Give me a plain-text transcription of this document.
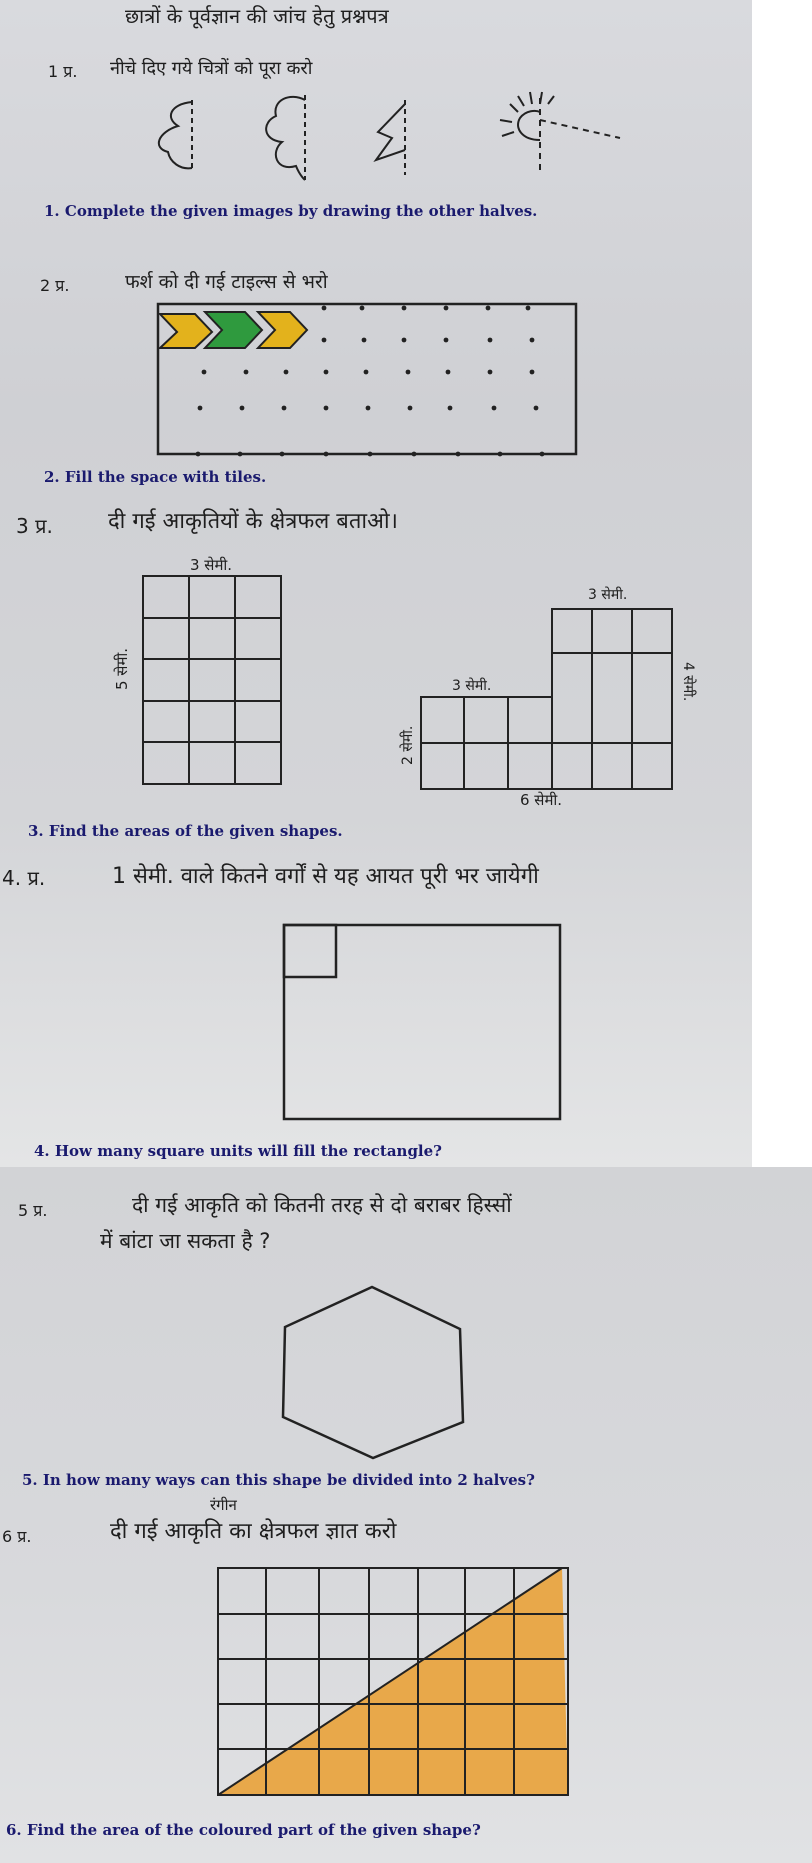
छात्रों के पूर्वज्ञान की जांच हेतु प्रश्नपत्र

1 प्र. नीचे दिए गये चित्रों को पूरा करो

1. Complete the given images by drawing the other halves.

2 प्र.	फर्श को दी गई टाइल्स से भरो

2. Fill the space with tiles.

3 प्र.	दी गई आकृतियों के क्षेत्रफल बताओ।

3 सेमी.

5 सेमी.

3 सेमी.

3 सेमी.

2 सेमी.

4 सेमी.

6 सेमी.

3. Find the areas of the given shapes.

4. प्र.	1 सेमी. वाले कितने वर्गों से यह आयत पूरी भर जायेगी

4. How many square units will fill the rectangle?

5 प्र.	दी गई आकृति को कितनी तरह से दो बराबर हिस्सों

में बांटा जा सकता है ?

5. In how many ways can this shape be divided into 2 halves?

6 प्र.

रंगीन

दी गई आकृति का क्षेत्रफल ज्ञात करो

6. Find the area of the coloured part of the given shape?
